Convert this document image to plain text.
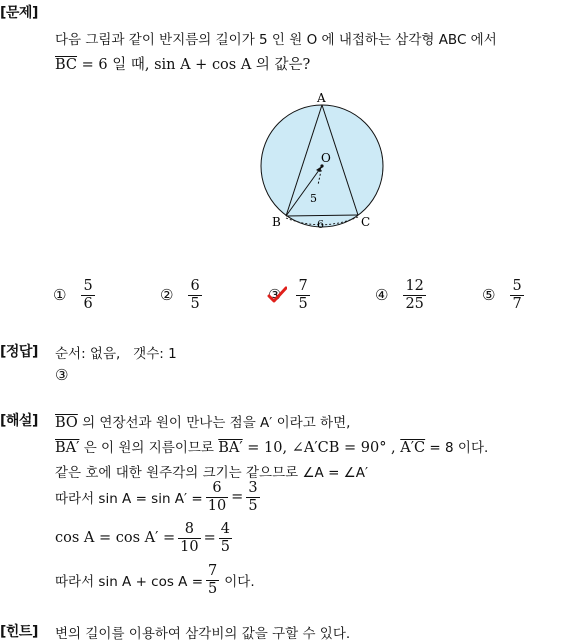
[문제]
다음 그림과 같이 반지름의 길이가 5 인 원 O 에 내접하는 삼각형 ABC 에서
$\overline{BC} = 6$ 일 때, sin A + cos A 의 값은?
A
O
B	C
5
6
① $\frac{5}{6}$	② $\frac{6}{5}$	③ $\frac{7}{5}$	④ $\frac{12}{25}$	⑤ $\frac{5}{7}$
[정답] 순서: 없음,   갯수: 1
③
[해설] $\overline{BO}$ 의 연장선과 원이 만나는 점을 A′ 이라고 하면,
BA′ 은 이 원의 지름이므로 BA′ = 10, ∠A′CB = 90° , A′C = 8 이다.
같은 호에 대한 원주각의 크기는 같으므로 ∠A = ∠A′
따라서 $\sin A = \sin A' = \frac{6}{10} = \frac{3}{5}$
$\cos A = \cos A' = \frac{8}{10} = \frac{4}{5}$
따라서 $\sin A + \cos A = \frac{7}{5}$ 이다.
[힌트] 변의 길이를 이용하여 삼각비의 값을 구할 수 있다.
